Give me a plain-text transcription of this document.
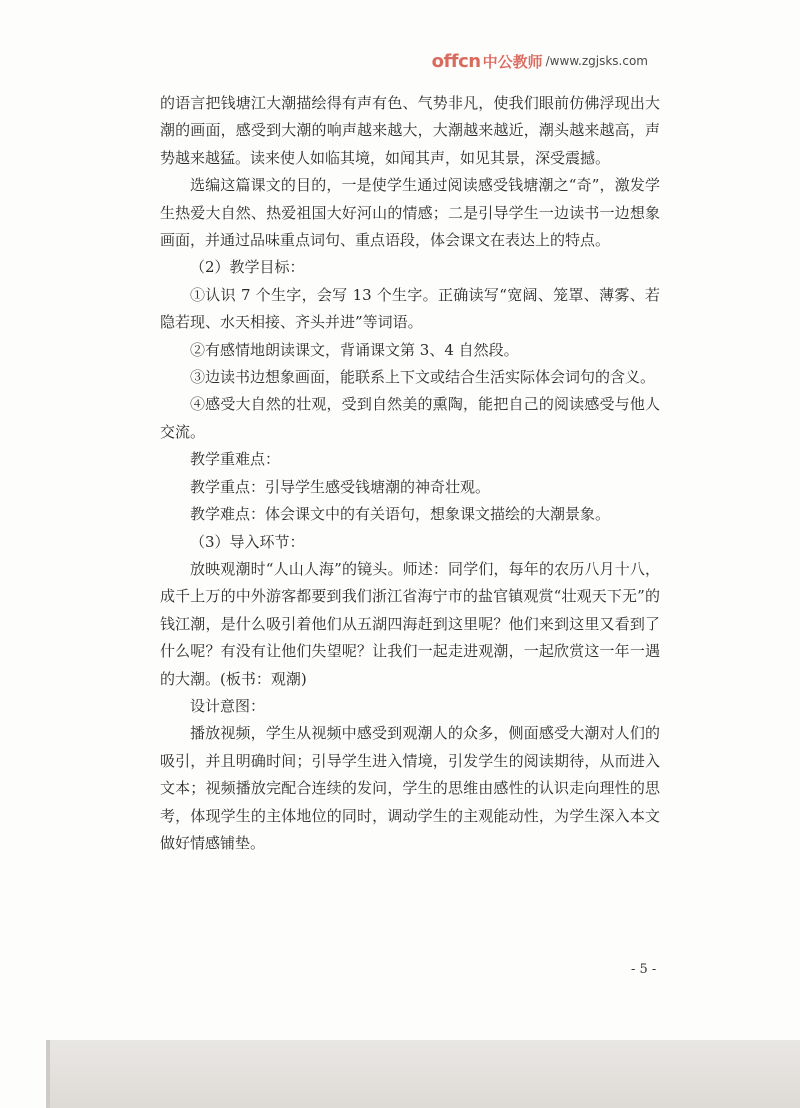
offcn 中公教师 /www.zgjsks.com

的语言把钱塘江大潮描绘得有声有色、气势非凡，使我们眼前仿佛浮现出大潮的画面，感受到大潮的响声越来越大，大潮越来越近，潮头越来越高，声势越来越猛。读来使人如临其境，如闻其声，如见其景，深受震撼。

选编这篇课文的目的，一是使学生通过阅读感受钱塘潮之“奇”，激发学生热爱大自然、热爱祖国大好河山的情感；二是引导学生一边读书一边想象画面，并通过品味重点词句、重点语段，体会课文在表达上的特点。

（2）教学目标：

①认识 7 个生字，会写 13 个生字。正确读写“宽阔、笼罩、薄雾、若隐若现、水天相接、齐头并进”等词语。

②有感情地朗读课文，背诵课文第 3、4 自然段。

③边读书边想象画面，能联系上下文或结合生活实际体会词句的含义。

④感受大自然的壮观，受到自然美的熏陶，能把自己的阅读感受与他人交流。

教学重难点：

教学重点：引导学生感受钱塘潮的神奇壮观。

教学难点：体会课文中的有关语句，想象课文描绘的大潮景象。

（3）导入环节：

放映观潮时“人山人海”的镜头。师述：同学们，每年的农历八月十八，成千上万的中外游客都要到我们浙江省海宁市的盐官镇观赏“壮观天下无”的钱江潮，是什么吸引着他们从五湖四海赶到这里呢？他们来到这里又看到了什么呢？有没有让他们失望呢？让我们一起走进观潮，一起欣赏这一年一遇的大潮。(板书：观潮)

设计意图：

播放视频，学生从视频中感受到观潮人的众多，侧面感受大潮对人们的吸引，并且明确时间；引导学生进入情境，引发学生的阅读期待，从而进入文本；视频播放完配合连续的发问，学生的思维由感性的认识走向理性的思考，体现学生的主体地位的同时，调动学生的主观能动性，为学生深入本文做好情感铺垫。

- 5 -
